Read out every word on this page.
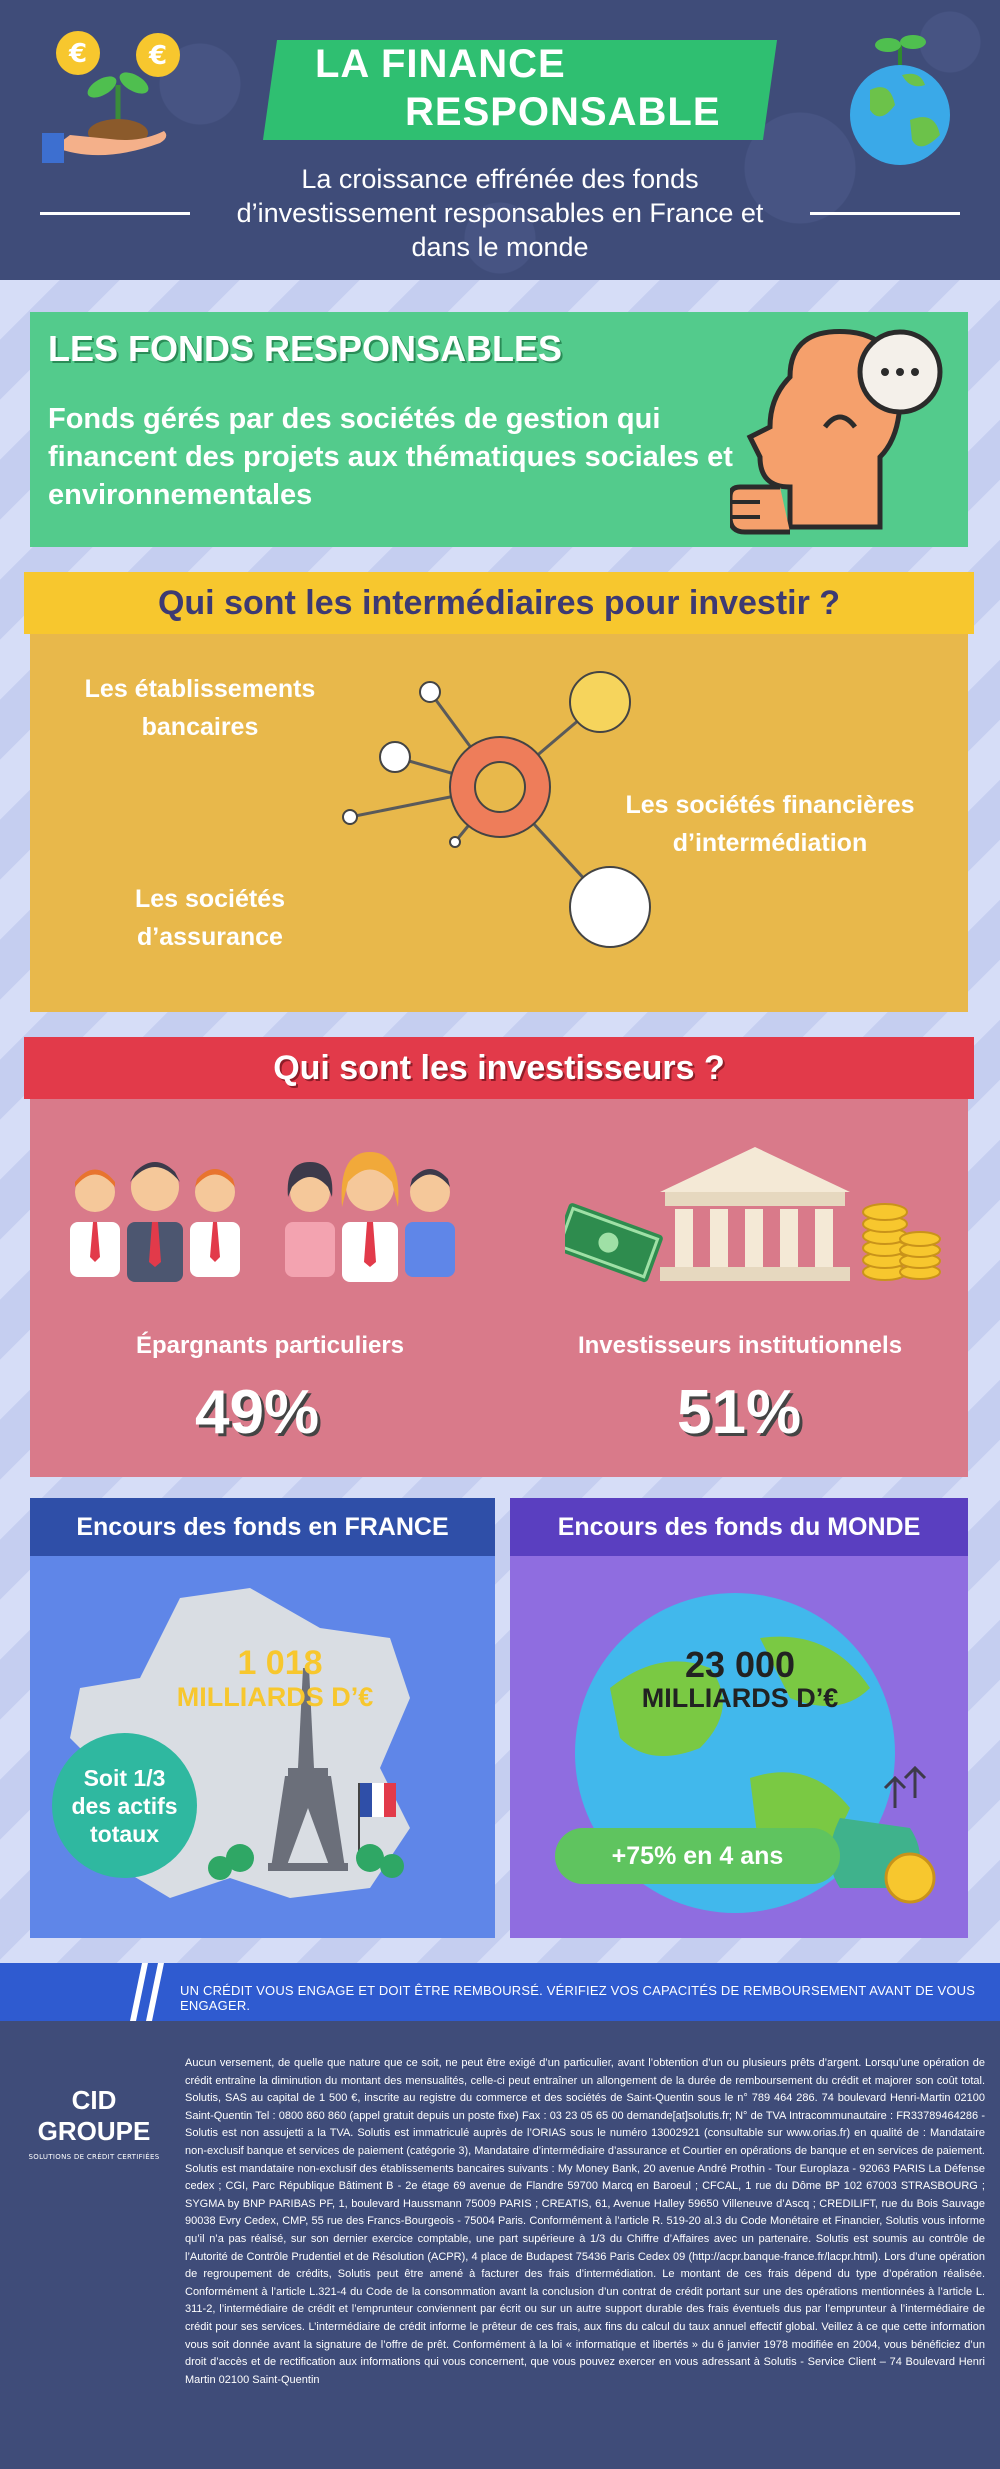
€ €	LA FINANCE
RESPONSABLE
La croissance effrénée des fonds d’investissement responsables en France et dans le monde
LES FONDS RESPONSABLES

Fonds gérés par des sociétés de gestion qui financent des projets aux thématiques sociales et environnementales

Qui sont les intermédiaires pour investir ?
Les établissements bancaires
Les sociétés financières d’intermédiation
Les sociétés d’assurance
Qui sont les investisseurs ?
Épargnants particuliers	Investisseurs institutionnels
49%	51%
Encours des fonds en FRANCE
1 018
MILLIARDS D’€
Soit 1/3 des actifs totaux
Encours des fonds du MONDE
23 000
MILLIARDS D’€
+75% en 4 ans
UN CRÉDIT VOUS ENGAGE ET DOIT ÊTRE REMBOURSÉ. VÉRIFIEZ VOS CAPACITÉS DE REMBOURSEMENT AVANT DE VOUS ENGAGER.
CID GROUPE
SOLUTIONS DE CRÉDIT CERTIFIÉES
Aucun versement, de quelle que nature que ce soit, ne peut être exigé d’un particulier, avant l’obtention d’un ou plusieurs prêts d’argent. Lorsqu’une opération de crédit entraîne la diminution du montant des mensualités, celle-ci peut entraîner un allongement de la durée de remboursement du crédit et majorer son coût total. Solutis, SAS au capital de 1 500 €, inscrite au registre du commerce et des sociétés de Saint-Quentin sous le n° 789 464 286. 74 boulevard Henri-Martin 02100 Saint-Quentin Tel : 0800 860 860 (appel gratuit depuis un poste fixe) Fax : 03 23 05 65 00 demande[at]solutis.fr; N° de TVA Intracommunautaire : FR33789464286 - Solutis est non assujetti a la TVA. Solutis est immatriculé auprès de l’ORIAS sous le numéro 13002921 (consultable sur www.orias.fr) en qualité de : Mandataire non-exclusif banque et services de paiement (catégorie 3), Mandataire d’intermédiaire d’assurance et Courtier en opérations de banque et en services de paiement. Solutis est mandataire non-exclusif des établissements bancaires suivants : My Money Bank, 20 avenue André Prothin - Tour Europlaza - 92063 PARIS La Défense cedex ; CGI, Parc République Bâtiment B - 2e étage 69 avenue de Flandre 59700 Marcq en Baroeul ; CFCAL, 1 rue du Dôme BP 102 67003 STRASBOURG ; SYGMA by BNP PARIBAS PF, 1, boulevard Haussmann 75009 PARIS ; CREATIS, 61, Avenue Halley 59650 Villeneuve d’Ascq ; CREDILIFT, rue du Bois Sauvage 90038 Evry Cedex, CMP, 55 rue des Francs-Bourgeois - 75004 Paris. Conformément à l’article R. 519-20 al.3 du Code Monétaire et Financier, Solutis vous informe qu’il n’a pas réalisé, sur son dernier exercice comptable, une part supérieure à 1/3 du Chiffre d’Affaires avec un partenaire. Solutis est soumis au contrôle de l’Autorité de Contrôle Prudentiel et de Résolution (ACPR), 4 place de Budapest 75436 Paris Cedex 09 (http://acpr.banque-france.fr/lacpr.html). Lors d’une opération de regroupement de crédits, Solutis peut être amené à facturer des frais d’intermédiation. Le montant de ces frais dépend du type d’opération réalisée. Conformément à l’article L.321-4 du Code de la consommation avant la conclusion d’un contrat de crédit portant sur une des opérations mentionnées à l’article L. 311-2, l’intermédiaire de crédit et l’emprunteur conviennent par écrit ou sur un autre support durable des frais éventuels dus par l’emprunteur à l’intermédiaire de crédit pour ses services. L’intermédiaire de crédit informe le prêteur de ces frais, aux fins du calcul du taux annuel effectif global. Veillez à ce que cette information vous soit donnée avant la signature de l’offre de prêt. Conformément à la loi « informatique et libertés » du 6 janvier 1978 modifiée en 2004, vous bénéficiez d’un droit d’accès et de rectification aux informations qui vous concernent, que vous pouvez exercer en vous adressant à Solutis - Service Client – 74 Boulevard Henri Martin 02100 Saint-Quentin
